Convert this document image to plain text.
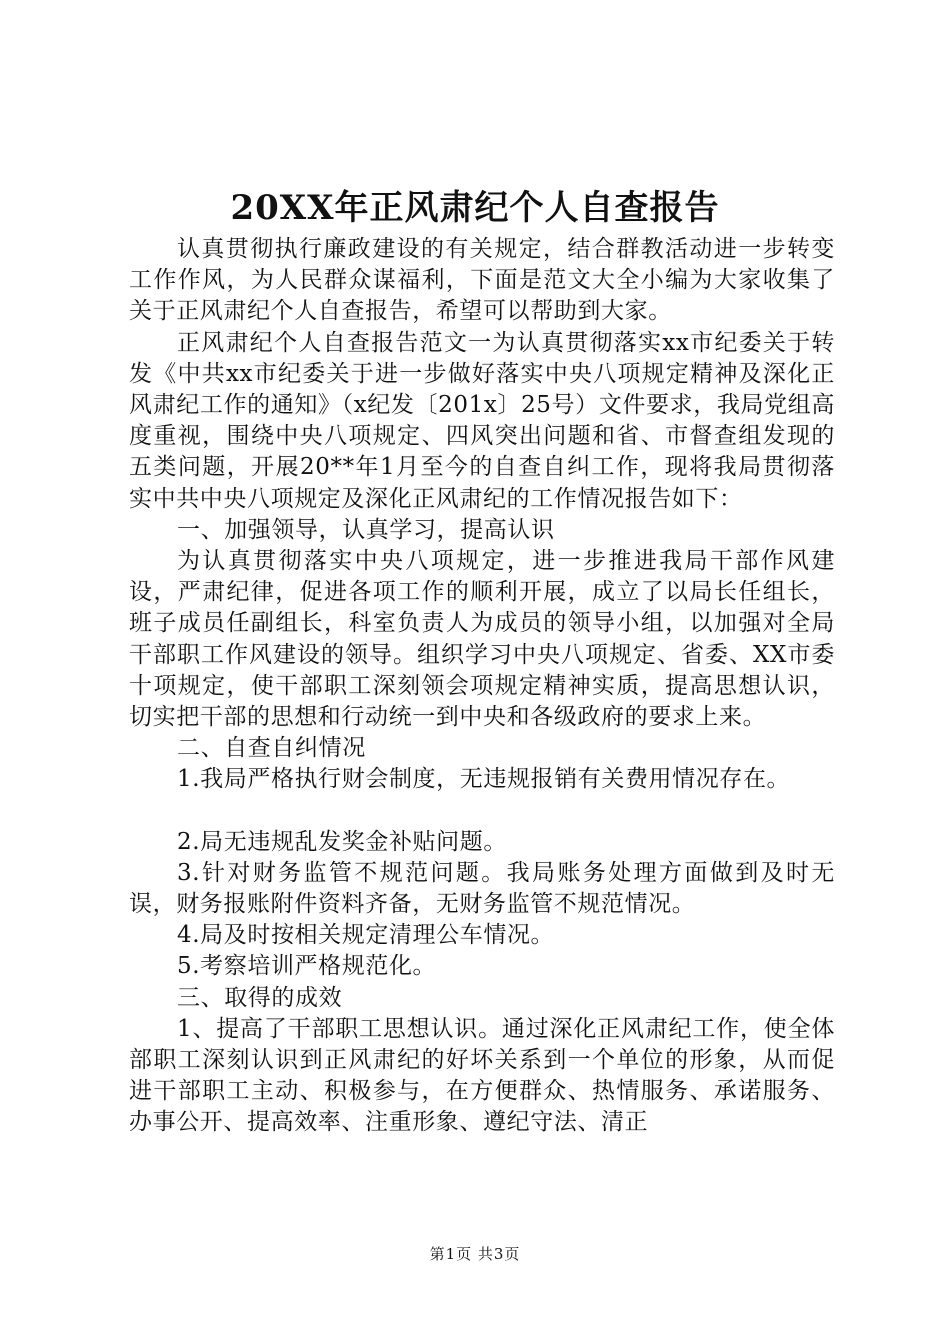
20XX年正风肃纪个人自查报告

认真贯彻执行廉政建设的有关规定，结合群教活动进一步转变工作作风，为人民群众谋福利，下面是范文大全小编为大家收集了关于正风肃纪个人自查报告，希望可以帮助到大家。

正风肃纪个人自查报告范文一为认真贯彻落实xx市纪委关于转发《中共xx市纪委关于进一步做好落实中央八项规定精神及深化正风肃纪工作的通知》（x纪发〔201x〕25号）文件要求，我局党组高度重视，围绕中央八项规定、四风突出问题和省、市督查组发现的五类问题，开展20**年1月至今的自查自纠工作，现将我局贯彻落实中共中央八项规定及深化正风肃纪的工作情况报告如下：

一、加强领导，认真学习，提高认识

为认真贯彻落实中央八项规定，进一步推进我局干部作风建设，严肃纪律，促进各项工作的顺利开展，成立了以局长任组长，班子成员任副组长，科室负责人为成员的领导小组，以加强对全局干部职工作风建设的领导。组织学习中央八项规定、省委、XX市委十项规定，使干部职工深刻领会项规定精神实质，提高思想认识，切实把干部的思想和行动统一到中央和各级政府的要求上来。

二、自查自纠情况

1.我局严格执行财会制度，无违规报销有关费用情况存在。

2.局无违规乱发奖金补贴问题。

3.针对财务监管不规范问题。我局账务处理方面做到及时无误，财务报账附件资料齐备，无财务监管不规范情况。

4.局及时按相关规定清理公车情况。

5.考察培训严格规范化。

三、取得的成效

1、提高了干部职工思想认识。通过深化正风肃纪工作，使全体部职工深刻认识到正风肃纪的好坏关系到一个单位的形象，从而促进干部职工主动、积极参与，在方便群众、热情服务、承诺服务、办事公开、提高效率、注重形象、遵纪守法、清正

第1页 共3页
